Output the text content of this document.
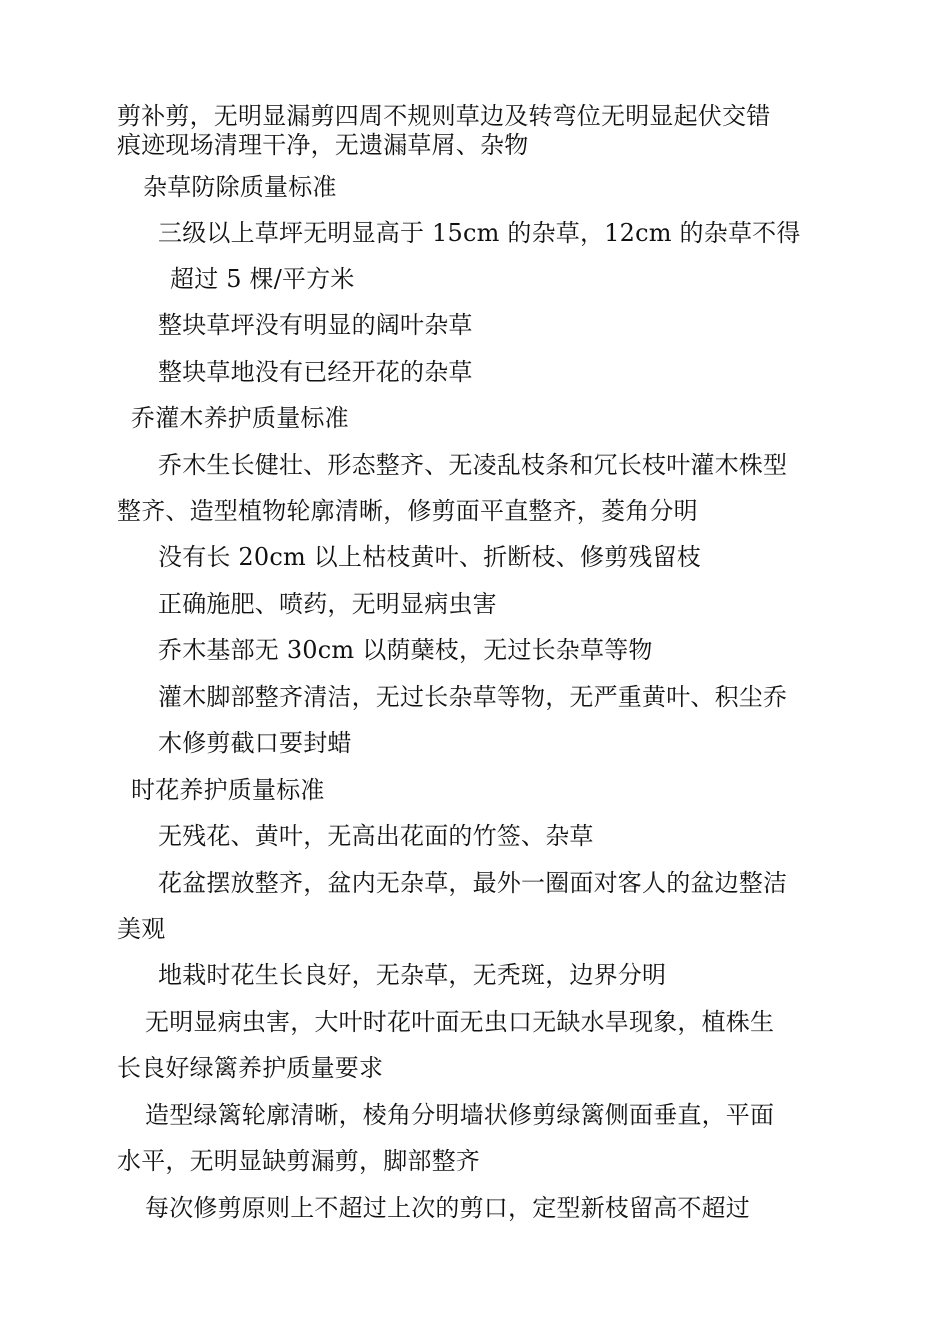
剪补剪，无明显漏剪四周不规则草边及转弯位无明显起伏交错
痕迹现场清理干净，无遗漏草屑、杂物
杂草防除质量标准
三级以上草坪无明显高于 15cm 的杂草，12cm 的杂草不得
超过 5 棵/平方米
整块草坪没有明显的阔叶杂草
整块草地没有已经开花的杂草
乔灌木养护质量标准
乔木生长健壮、形态整齐、无凌乱枝条和冗长枝叶灌木株型
整齐、造型植物轮廓清晰，修剪面平直整齐，菱角分明
没有长 20cm 以上枯枝黄叶、折断枝、修剪残留枝
正确施肥、喷药，无明显病虫害
乔木基部无 30cm 以荫蘖枝，无过长杂草等物
灌木脚部整齐清洁，无过长杂草等物，无严重黄叶、积尘乔
木修剪截口要封蜡
时花养护质量标准
无残花、黄叶，无高出花面的竹签、杂草
花盆摆放整齐，盆内无杂草，最外一圈面对客人的盆边整洁
美观
地栽时花生长良好，无杂草，无秃斑，边界分明
无明显病虫害，大叶时花叶面无虫口无缺水旱现象，植株生
长良好绿篱养护质量要求
造型绿篱轮廓清晰，棱角分明墙状修剪绿篱侧面垂直，平面
水平，无明显缺剪漏剪，脚部整齐
每次修剪原则上不超过上次的剪口，定型新枝留高不超过
